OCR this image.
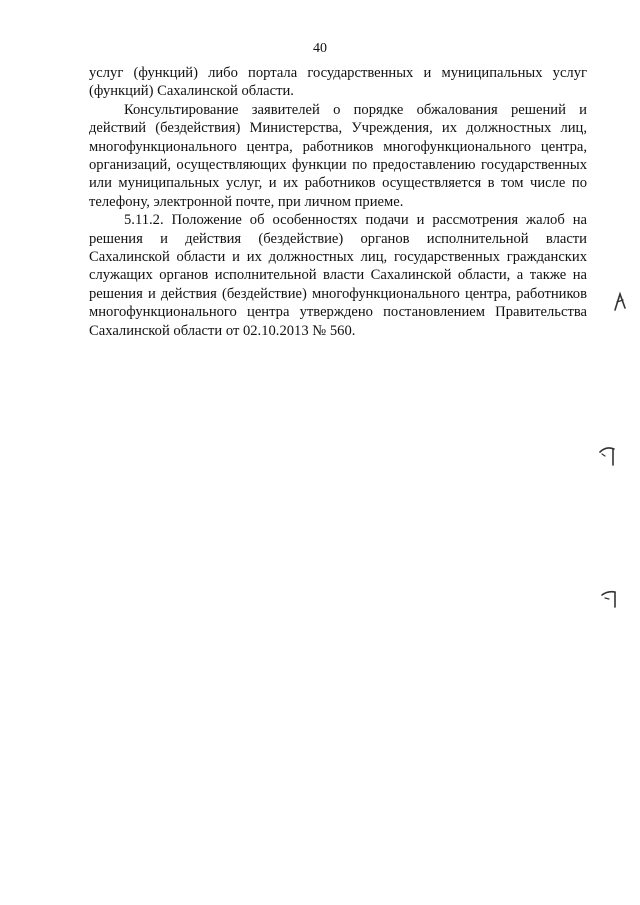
40

услуг (функций) либо портала государственных и муниципальных услуг (функций) Сахалинской области.

Консультирование заявителей о порядке обжалования решений и действий (бездействия) Министерства, Учреждения, их должностных лиц, многофункционального центра, работников многофункционального центра, организаций, осуществляющих функции по предоставлению государственных или муниципальных услуг, и их работников осуществляется в том числе по телефону, электронной почте, при личном приеме.

5.11.2. Положение об особенностях подачи и рассмотрения жалоб на решения и действия (бездействие) органов исполнительной власти Сахалинской области и их должностных лиц, государственных гражданских служащих органов исполнительной власти Сахалинской области, а также на решения и действия (бездействие) многофункционального центра, работников многофункционального центра утверждено постановлением Правительства Сахалинской области от 02.10.2013 № 560.
